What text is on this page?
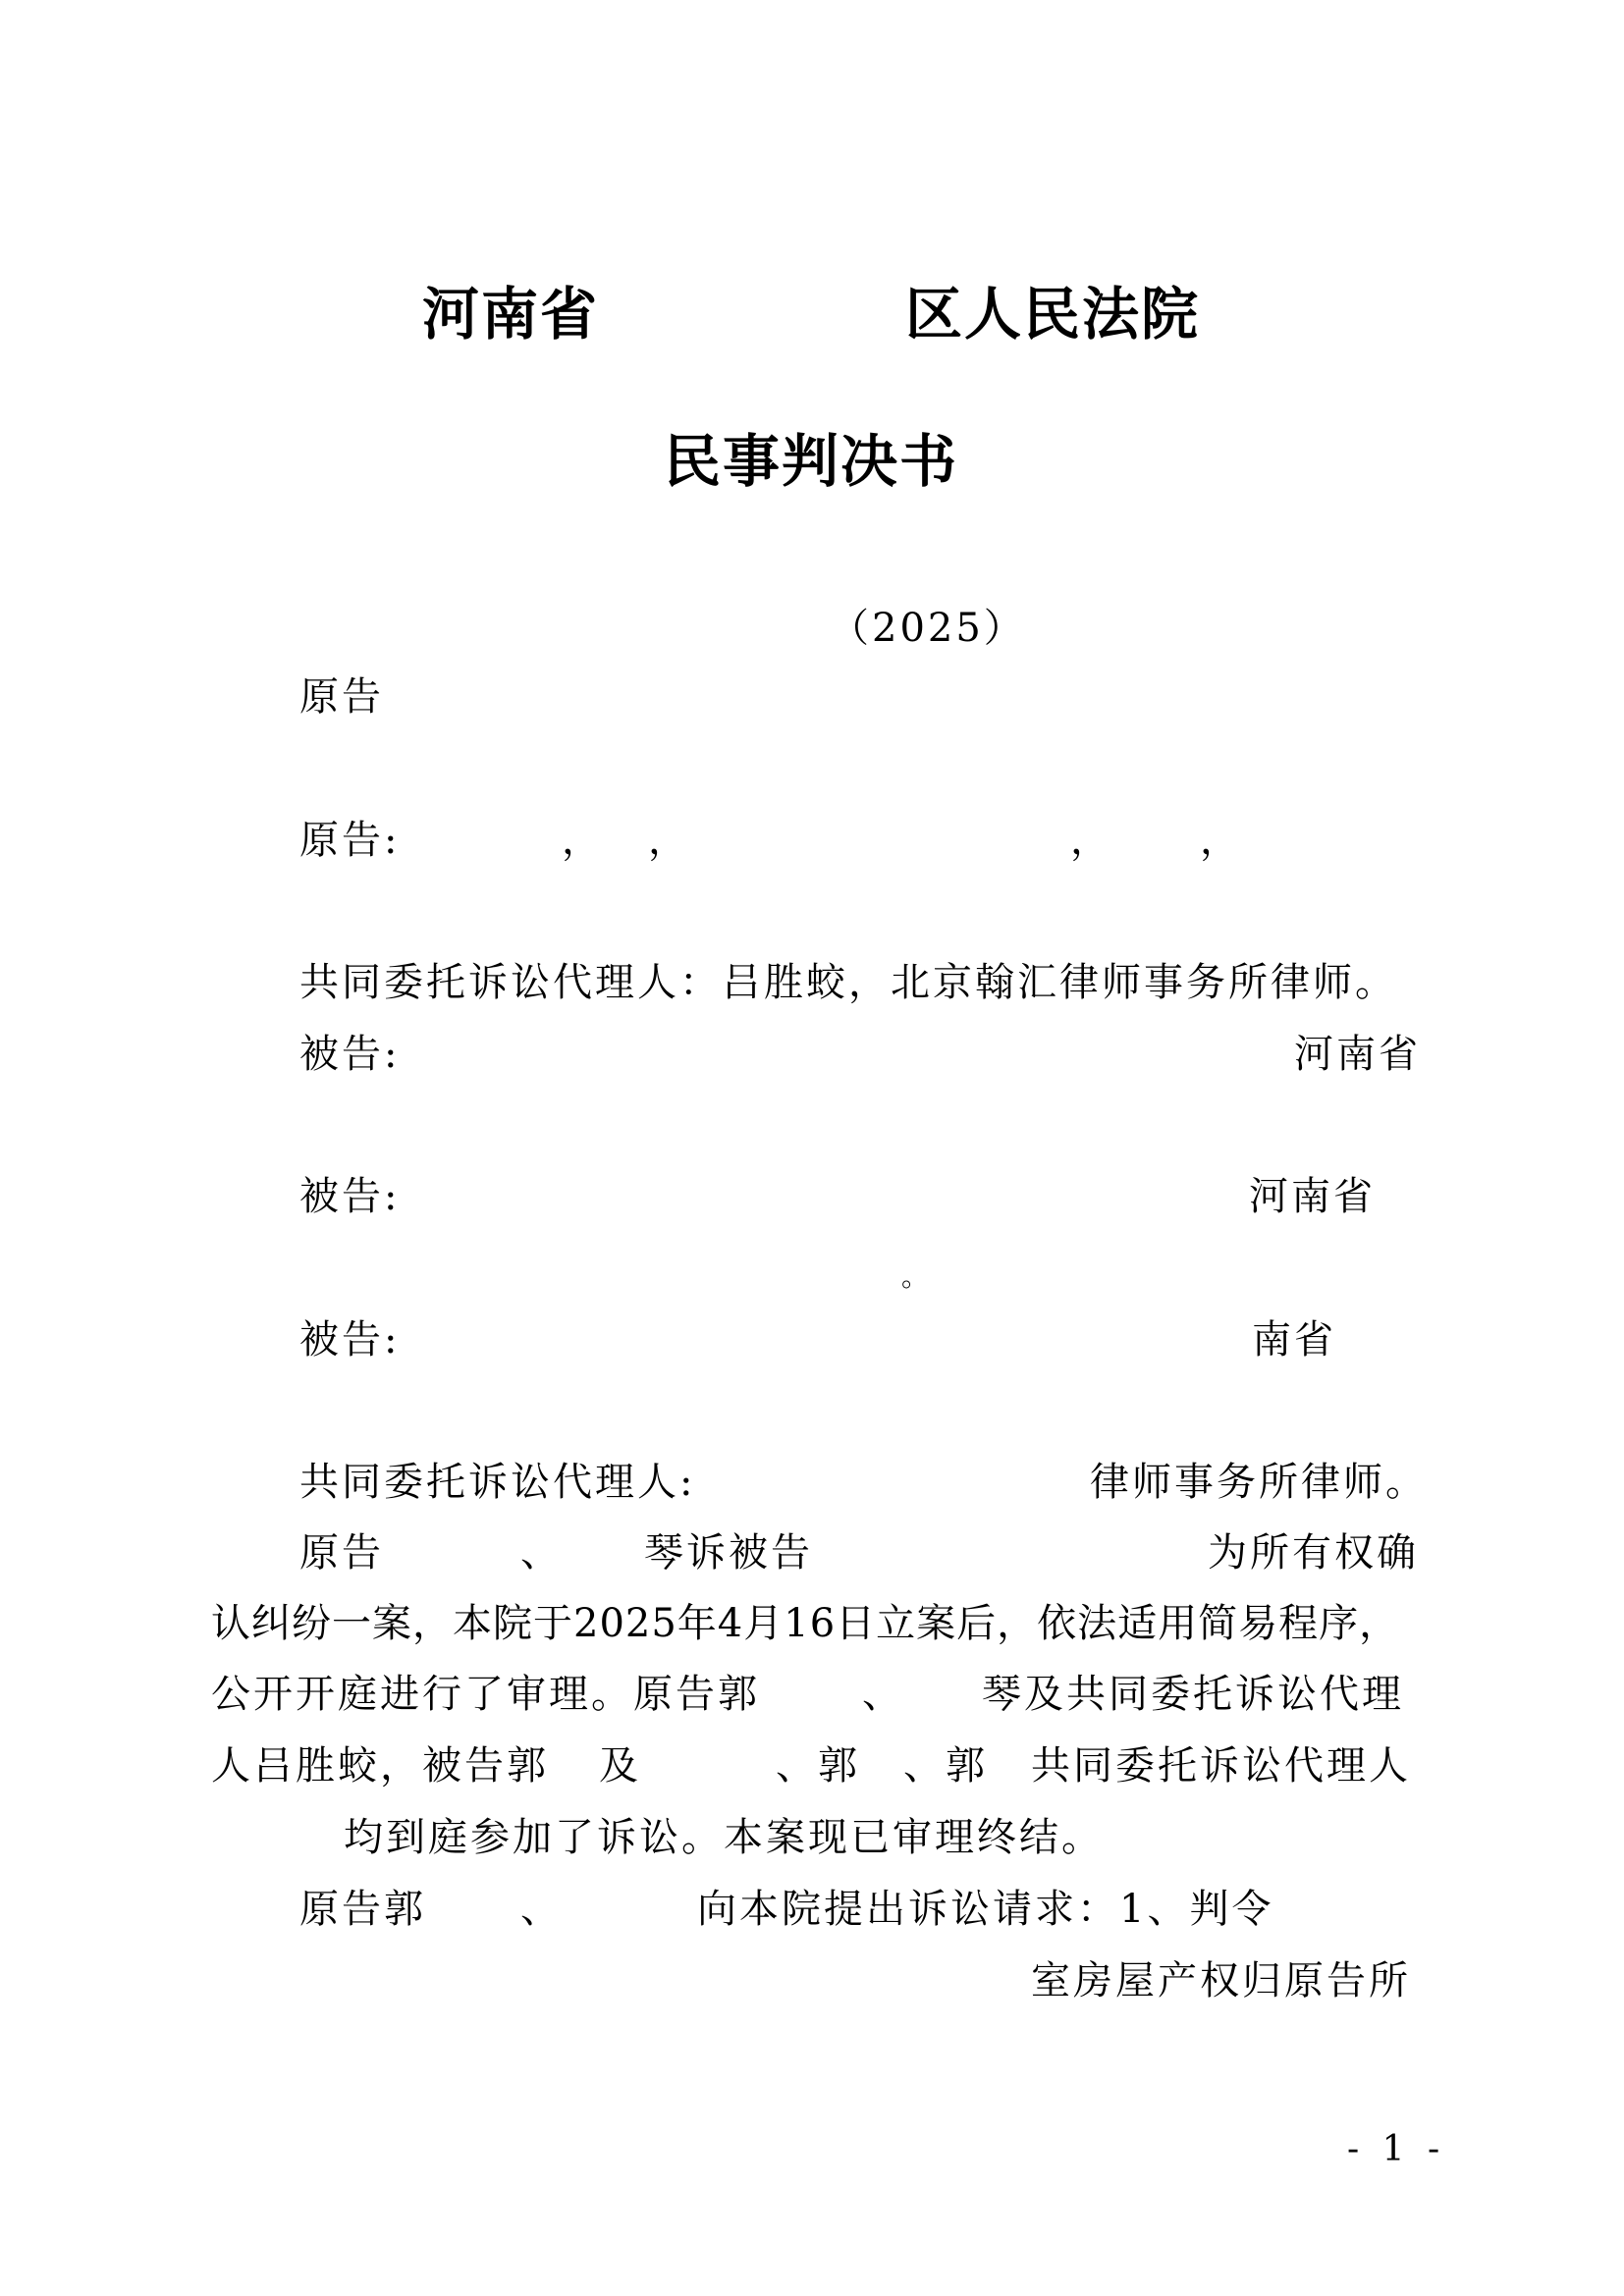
河南省	区人民法院
民事判决书
（2025）
原告
原告:	， ，	， ，
共同委托诉讼代理人：吕胜蛟，北京翰汇律师事务所律师。
被告:	河南省
被告:	河南省
。
被告:	南省
共同委托诉讼代理人:	律师事务所律师。
原告	、 琴诉被告	为所有权确
认纠纷一案，本院于2025年4月16日立案后，依法适用简易程序，
公开开庭进行了审理。原告郭	、 琴及共同委托诉讼代理
人吕胜蛟，被告郭 及	、郭 、郭 共同委托诉讼代理人
均到庭参加了诉讼。本案现已审理终结。
原告郭 、	向本院提出诉讼请求：1、判令
室房屋产权归原告所
- 1 -
